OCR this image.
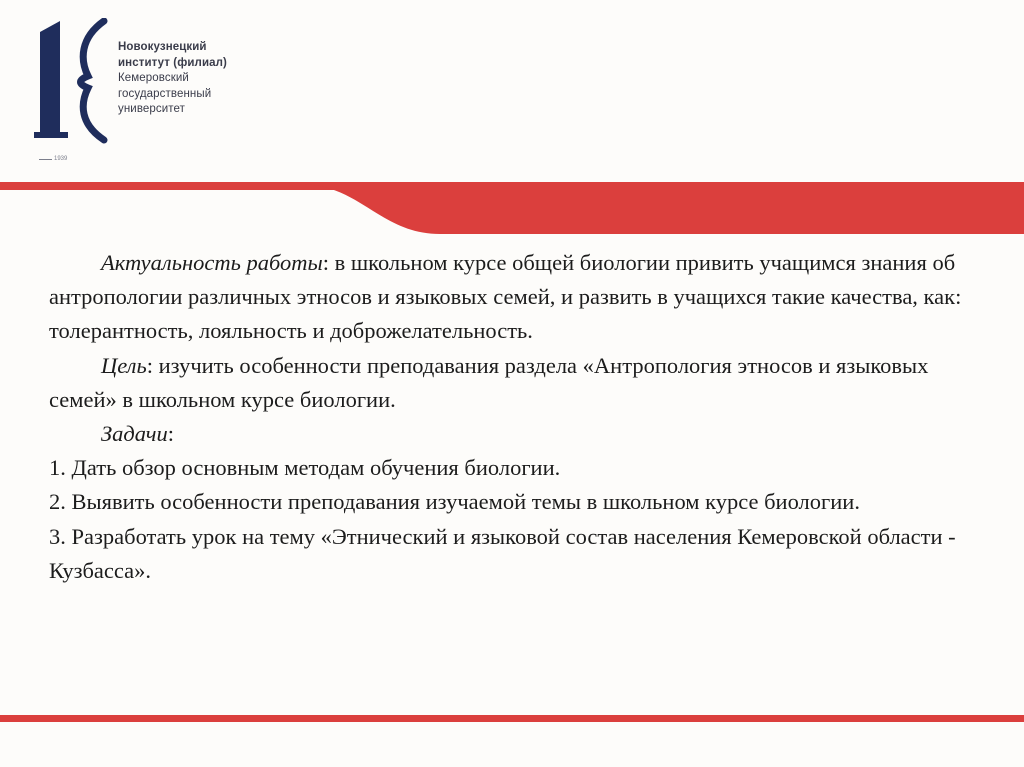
1939
Новокузнецкий
институт (филиал)
Кемеровский
государственный
университет

Актуальность работы: в школьном курсе общей биологии привить учащимся знания об антропологии различных этносов и языковых семей, и развить в учащихся такие качества, как: толерантность, лояльность и доброжелательность.

Цель: изучить особенности преподавания раздела «Антропология этносов и языковых семей» в школьном курсе биологии.

Задачи:

1. Дать обзор основным методам обучения биологии.

2. Выявить особенности преподавания изучаемой темы в школьном курсе биологии.

3. Разработать урок на тему «Этнический и языковой состав населения Кемеровской области - Кузбасса».
